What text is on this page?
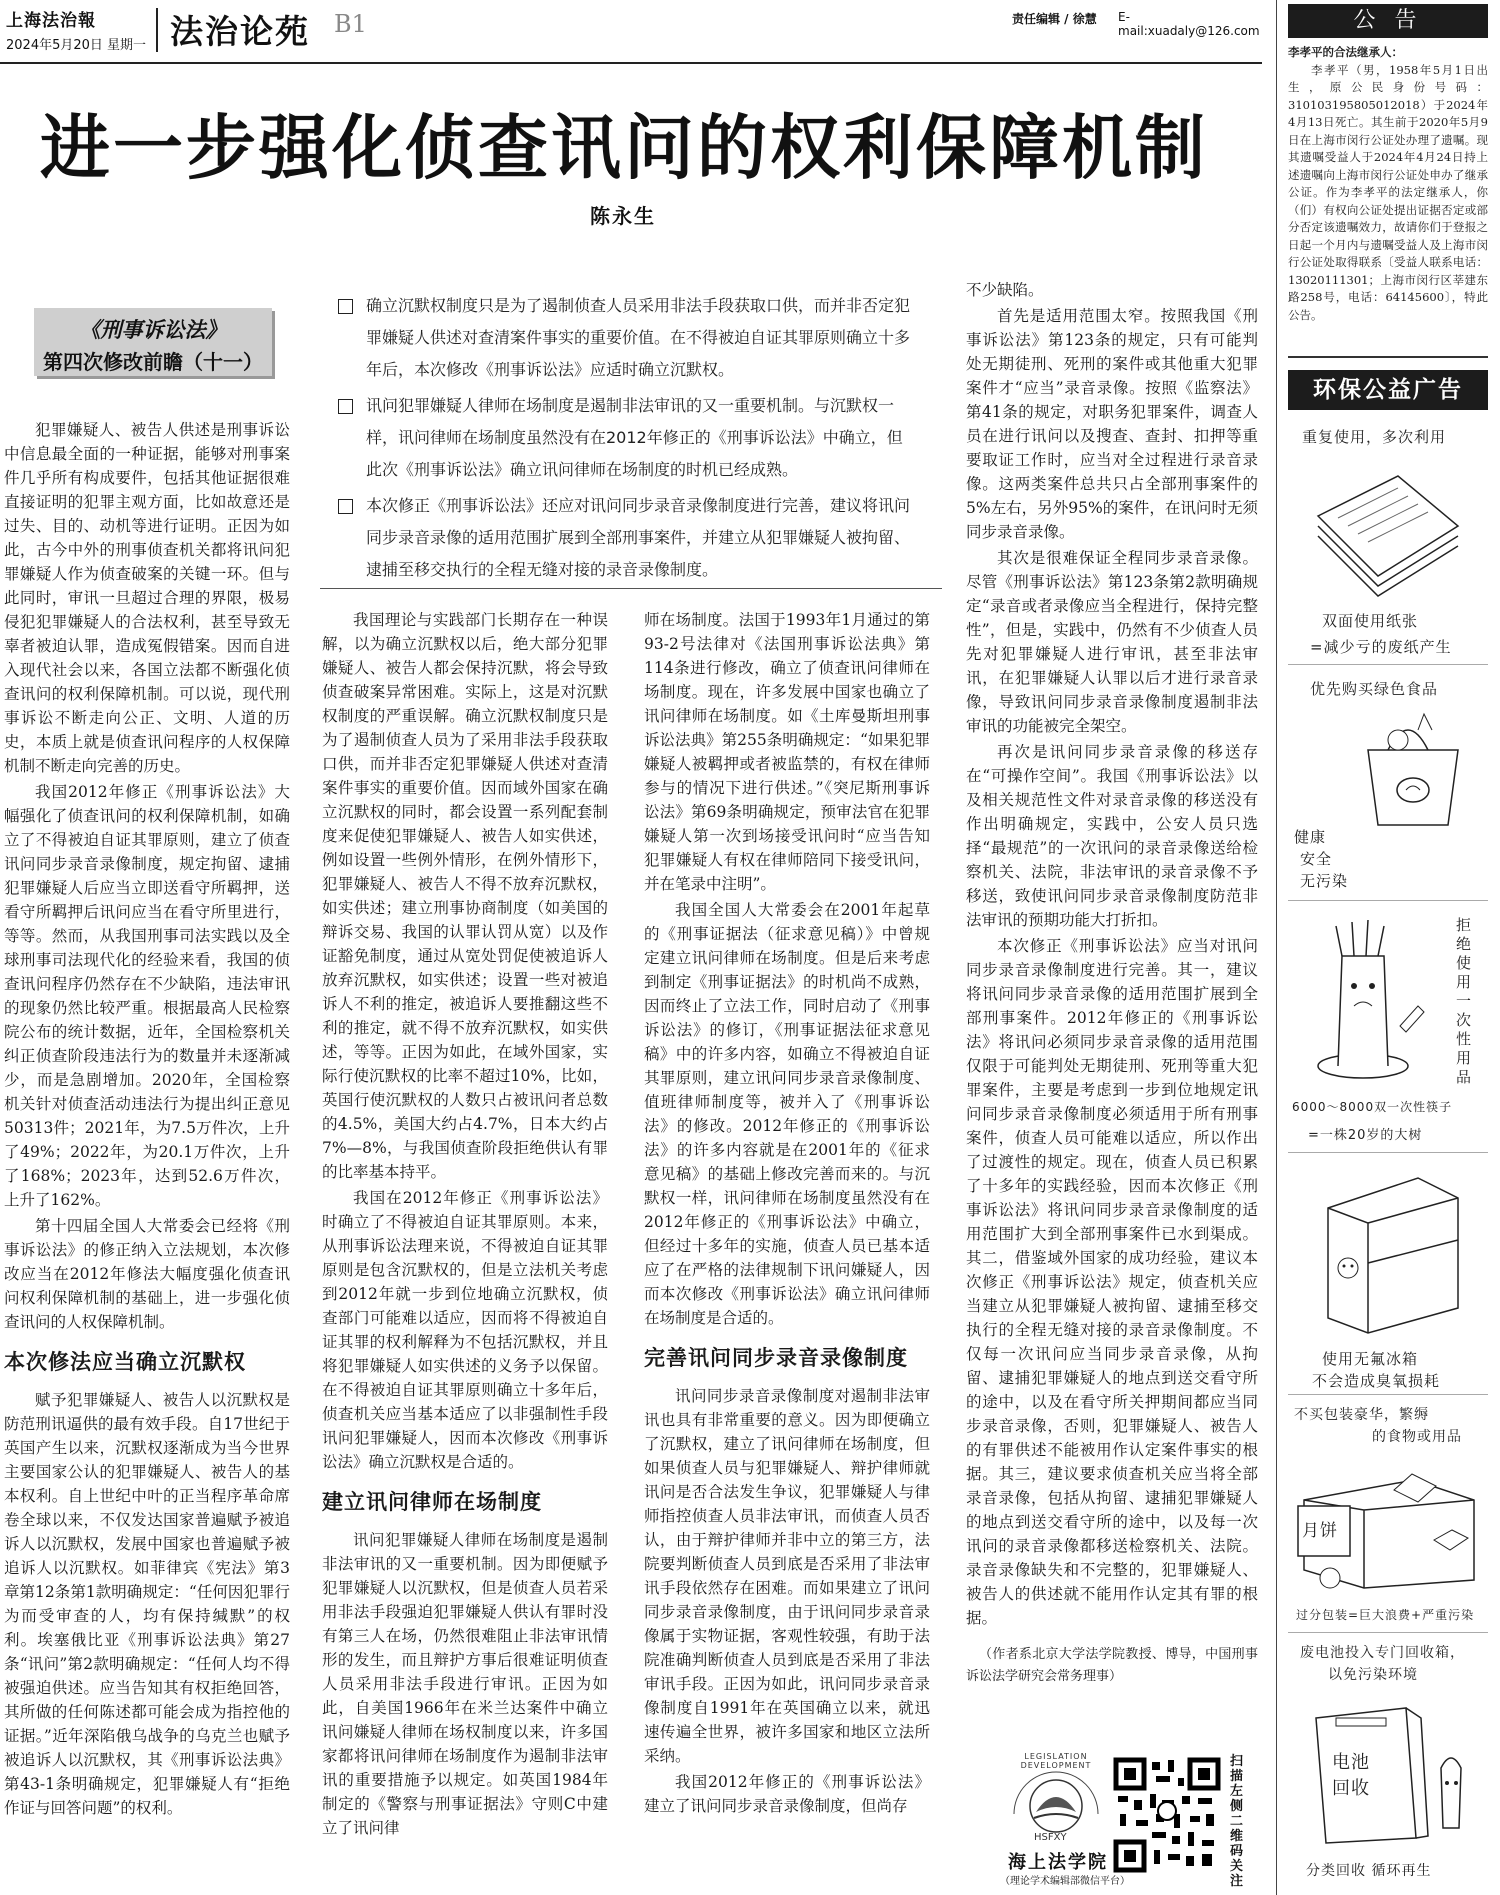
上海法治報
2024年5月20日 星期一 法治论苑 B1	责任编辑 / 徐慧 E-mail:xuadaly@126.com
进一步强化侦查讯问的权利保障机制
陈永生
《刑事诉讼法》
第四次修改前瞻（十一）
确立沉默权制度只是为了遏制侦查人员采用非法手段获取口供，而并非否定犯罪嫌疑人供述对查清案件事实的重要价值。在不得被迫自证其罪原则确立十多年后，本次修改《刑事诉讼法》应适时确立沉默权。
讯问犯罪嫌疑人律师在场制度是遏制非法审讯的又一重要机制。与沉默权一样，讯问律师在场制度虽然没有在2012年修正的《刑事诉讼法》中确立，但此次《刑事诉讼法》确立讯问律师在场制度的时机已经成熟。
本次修正《刑事诉讼法》还应对讯问同步录音录像制度进行完善，建议将讯问同步录音录像的适用范围扩展到全部刑事案件，并建立从犯罪嫌疑人被拘留、逮捕至移交执行的全程无缝对接的录音录像制度。

犯罪嫌疑人、被告人供述是刑事诉讼中信息最全面的一种证据，能够对刑事案件几乎所有构成要件，包括其他证据很难直接证明的犯罪主观方面，比如故意还是过失、目的、动机等进行证明。正因为如此，古今中外的刑事侦查机关都将讯问犯罪嫌疑人作为侦查破案的关键一环。但与此同时，审讯一旦超过合理的界限，极易侵犯犯罪嫌疑人的合法权利，甚至导致无辜者被迫认罪，造成冤假错案。因而自进入现代社会以来，各国立法都不断强化侦查讯问的权利保障机制。可以说，现代刑事诉讼不断走向公正、文明、人道的历史，本质上就是侦查讯问程序的人权保障机制不断走向完善的历史。

我国2012年修正《刑事诉讼法》大幅强化了侦查讯问的权利保障机制，如确立了不得被迫自证其罪原则，建立了侦查讯问同步录音录像制度，规定拘留、逮捕犯罪嫌疑人后应当立即送看守所羁押，送看守所羁押后讯问应当在看守所里进行，等等。然而，从我国刑事司法实践以及全球刑事司法现代化的经验来看，我国的侦查讯问程序仍然存在不少缺陷，违法审讯的现象仍然比较严重。根据最高人民检察院公布的统计数据，近年，全国检察机关纠正侦查阶段违法行为的数量并未逐渐减少，而是急剧增加。2020年，全国检察机关针对侦查活动违法行为提出纠正意见50313件；2021年，为7.5万件次，上升了49%；2022年，为20.1万件次，上升了168%；2023年，达到52.6万件次，上升了162%。

第十四届全国人大常委会已经将《刑事诉讼法》的修正纳入立法规划，本次修改应当在2012年修法大幅度强化侦查讯问权利保障机制的基础上，进一步强化侦查讯问的人权保障机制。

本次修法应当确立沉默权

赋予犯罪嫌疑人、被告人以沉默权是防范刑讯逼供的最有效手段。自17世纪于英国产生以来，沉默权逐渐成为当今世界主要国家公认的犯罪嫌疑人、被告人的基本权利。自上世纪中叶的正当程序革命席卷全球以来，不仅发达国家普遍赋予被追诉人以沉默权，发展中国家也普遍赋予被追诉人以沉默权。如菲律宾《宪法》第3章第12条第1款明确规定：“任何因犯罪行为而受审查的人，均有保持缄默”的权利。埃塞俄比亚《刑事诉讼法典》第27条“讯问”第2款明确规定：“任何人均不得被强迫供述。应当告知其有权拒绝回答，其所做的任何陈述都可能会成为指控他的证据。”近年深陷俄乌战争的乌克兰也赋予被追诉人以沉默权，其《刑事诉讼法典》第43-1条明确规定，犯罪嫌疑人有“拒绝作证与回答问题”的权利。

我国理论与实践部门长期存在一种误解，以为确立沉默权以后，绝大部分犯罪嫌疑人、被告人都会保持沉默，将会导致侦查破案异常困难。实际上，这是对沉默权制度的严重误解。确立沉默权制度只是为了遏制侦查人员为了采用非法手段获取口供，而并非否定犯罪嫌疑人供述对查清案件事实的重要价值。因而域外国家在确立沉默权的同时，都会设置一系列配套制度来促使犯罪嫌疑人、被告人如实供述，例如设置一些例外情形，在例外情形下，犯罪嫌疑人、被告人不得不放弃沉默权，如实供述；建立刑事协商制度（如美国的辩诉交易、我国的认罪认罚从宽）以及作证豁免制度，通过从宽处罚促使被追诉人放弃沉默权，如实供述；设置一些对被追诉人不利的推定，被追诉人要推翻这些不利的推定，就不得不放弃沉默权，如实供述，等等。正因为如此，在域外国家，实际行使沉默权的比率不超过10%，比如，英国行使沉默权的人数只占被讯问者总数的4.5%，美国大约占4.7%，日本大约占7%—8%，与我国侦查阶段拒绝供认有罪的比率基本持平。

我国在2012年修正《刑事诉讼法》时确立了不得被迫自证其罪原则。本来，从刑事诉讼法理来说，不得被迫自证其罪原则是包含沉默权的，但是立法机关考虑到2012年就一步到位地确立沉默权，侦查部门可能难以适应，因而将不得被迫自证其罪的权利解释为不包括沉默权，并且将犯罪嫌疑人如实供述的义务予以保留。在不得被迫自证其罪原则确立十多年后，侦查机关应当基本适应了以非强制性手段讯问犯罪嫌疑人，因而本次修改《刑事诉讼法》确立沉默权是合适的。

建立讯问律师在场制度

讯问犯罪嫌疑人律师在场制度是遏制非法审讯的又一重要机制。因为即便赋予犯罪嫌疑人以沉默权，但是侦查人员若采用非法手段强迫犯罪嫌疑人供认有罪时没有第三人在场，仍然很难阻止非法审讯情形的发生，而且辩护方事后很难证明侦查人员采用非法手段进行审讯。正因为如此，自美国1966年在米兰达案件中确立讯问嫌疑人律师在场权制度以来，许多国家都将讯问律师在场制度作为遏制非法审讯的重要措施予以规定。如英国1984年制定的《警察与刑事证据法》守则C中建立了讯问律

师在场制度。法国于1993年1月通过的第93-2号法律对《法国刑事诉讼法典》第114条进行修改，确立了侦查讯问律师在场制度。现在，许多发展中国家也确立了讯问律师在场制度。如《土库曼斯坦刑事诉讼法典》第255条明确规定：“如果犯罪嫌疑人被羁押或者被监禁的，有权在律师参与的情况下进行供述。”《突尼斯刑事诉讼法》第69条明确规定，预审法官在犯罪嫌疑人第一次到场接受讯问时“应当告知犯罪嫌疑人有权在律师陪同下接受讯问，并在笔录中注明”。

我国全国人大常委会在2001年起草的《刑事证据法（征求意见稿）》中曾规定建立讯问律师在场制度。但是后来考虑到制定《刑事证据法》的时机尚不成熟，因而终止了立法工作，同时启动了《刑事诉讼法》的修订，《刑事证据法征求意见稿》中的许多内容，如确立不得被迫自证其罪原则，建立讯问同步录音录像制度、值班律师制度等，被并入了《刑事诉讼法》的修改。2012年修正的《刑事诉讼法》的许多内容就是在2001年的《征求意见稿》的基础上修改完善而来的。与沉默权一样，讯问律师在场制度虽然没有在2012年修正的《刑事诉讼法》中确立，但经过十多年的实施，侦查人员已基本适应了在严格的法律规制下讯问嫌疑人，因而本次修改《刑事诉讼法》确立讯问律师在场制度是合适的。

完善讯问同步录音录像制度

讯问同步录音录像制度对遏制非法审讯也具有非常重要的意义。因为即便确立了沉默权，建立了讯问律师在场制度，但如果侦查人员与犯罪嫌疑人、辩护律师就讯问是否合法发生争议，犯罪嫌疑人与律师指控侦查人员非法审讯，而侦查人员否认，由于辩护律师并非中立的第三方，法院要判断侦查人员到底是否采用了非法审讯手段依然存在困难。而如果建立了讯问同步录音录像制度，由于讯问同步录音录像属于实物证据，客观性较强，有助于法院准确判断侦查人员到底是否采用了非法审讯手段。正因为如此，讯问同步录音录像制度自1991年在英国确立以来，就迅速传遍全世界，被许多国家和地区立法所采纳。

我国2012年修正的《刑事诉讼法》建立了讯问同步录音录像制度，但尚存

不少缺陷。

首先是适用范围太窄。按照我国《刑事诉讼法》第123条的规定，只有可能判处无期徒刑、死刑的案件或其他重大犯罪案件才“应当”录音录像。按照《监察法》第41条的规定，对职务犯罪案件，调查人员在进行讯问以及搜查、查封、扣押等重要取证工作时，应当对全过程进行录音录像。这两类案件总共只占全部刑事案件的5%左右，另外95%的案件，在讯问时无须同步录音录像。

其次是很难保证全程同步录音录像。尽管《刑事诉讼法》第123条第2款明确规定“录音或者录像应当全程进行，保持完整性”，但是，实践中，仍然有不少侦查人员先对犯罪嫌疑人进行审讯，甚至非法审讯，在犯罪嫌疑人认罪以后才进行录音录像，导致讯问同步录音录像制度遏制非法审讯的功能被完全架空。

再次是讯问同步录音录像的移送存在“可操作空间”。我国《刑事诉讼法》以及相关规范性文件对录音录像的移送没有作出明确规定，实践中，公安人员只选择“最规范”的一次讯问的录音录像送给检察机关、法院，非法审讯的录音录像不予移送，致使讯问同步录音录像制度防范非法审讯的预期功能大打折扣。

本次修正《刑事诉讼法》应当对讯问同步录音录像制度进行完善。其一，建议将讯问同步录音录像的适用范围扩展到全部刑事案件。2012年修正的《刑事诉讼法》将讯问必须同步录音录像的适用范围仅限于可能判处无期徒刑、死刑等重大犯罪案件，主要是考虑到一步到位地规定讯问同步录音录像制度必须适用于所有刑事案件，侦查人员可能难以适应，所以作出了过渡性的规定。现在，侦查人员已积累了十多年的实践经验，因而本次修正《刑事诉讼法》将讯问同步录音录像制度的适用范围扩大到全部刑事案件已水到渠成。其二，借鉴域外国家的成功经验，建议本次修正《刑事诉讼法》规定，侦查机关应当建立从犯罪嫌疑人被拘留、逮捕至移交执行的全程无缝对接的录音录像制度。不仅每一次讯问应当同步录音录像，从拘留、逮捕犯罪嫌疑人的地点到送交看守所的途中，以及在看守所关押期间都应当同步录音录像，否则，犯罪嫌疑人、被告人的有罪供述不能被用作认定案件事实的根据。其三，建议要求侦查机关应当将全部录音录像，包括从拘留、逮捕犯罪嫌疑人的地点到送交看守所的途中，以及每一次讯问的录音录像都移送检察机关、法院。录音录像缺失和不完整的，犯罪嫌疑人、被告人的供述就不能用作认定其有罪的根据。

（作者系北京大学法学院教授、博导，中国刑事诉讼法学研究会常务理事）

LEGISLATION DEVELOPMENT
HSFXY
海上法学院
（理论学术编辑部微信平台）
扫描左侧二维码关注
公 告
李孝平的合法继承人：
李孝平（男，1958年5月1日出生，原公民身份号码：310103195805012018）于2024年4月13日死亡。其生前于2020年5月9日在上海市闵行公证处办理了遗嘱。现其遗嘱受益人于2024年4月24日持上述遗嘱向上海市闵行公证处申办了继承公证。作为李孝平的法定继承人，你（们）有权向公证处提出证据否定或部分否定该遗嘱效力，故请你们于登报之日起一个月内与遗嘱受益人及上海市闵行公证处取得联系〔受益人联系电话：13020111301；上海市闵行区莘建东路258号，电话：64145600〕，特此公告。
环保公益广告
重复使用，多次利用
双面使用纸张
=减少亏的废纸产生
优先购买绿色食品
健康
安全
无污染
拒绝使用一次性用品
6000～8000双一次性筷子
=一株20岁的大树
使用无氟冰箱
不会造成臭氧损耗
不买包装豪华，繁缛
的食物或用品
月饼
过分包装=巨大浪费+严重污染
废电池投入专门回收箱，
以免污染环境
电池
回收
分类回收 循环再生
